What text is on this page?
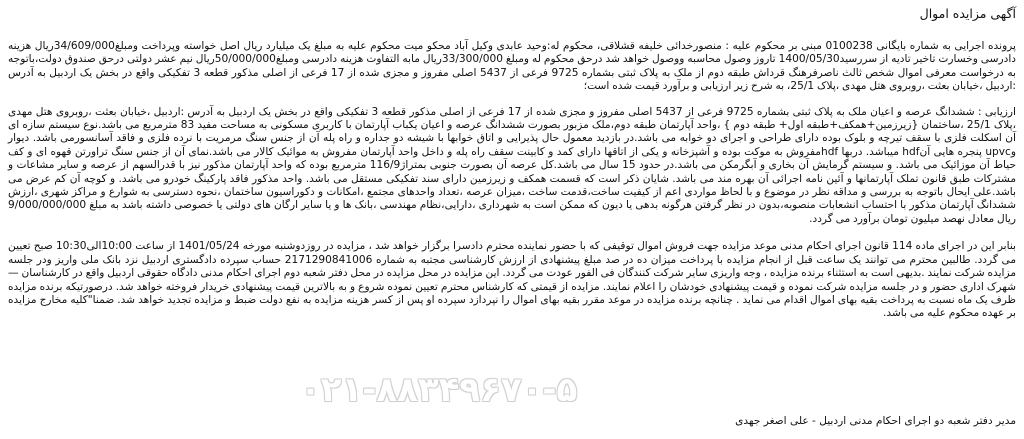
آگهی مزایده اموال

پرونده اجرایی به شماره بایگانی 0100238 مبنی بر محکوم علیه : منصورخدائی خلیفه قشلاقی، محکوم له:وحید عابدی وکیل آباد محکو میت محکوم علیه به مبلغ یک میلیارد ریال اصل خواسته وپرداخت ومبلغ34/609/000ریال هزینه دادرسی وخسارت تاخیر تادیه از سررسید1400/05/30 تاروز وصول محاسبه ووصول خواهد شد درحق محکوم له ومبلغ 33/300/000ریال مابه التفاوت هزینه دادرسی ومبلغ50/000/000ریال نیم عشر دولتی درحق صندوق دولت،باتوجه به درخواست معرفی اموال شخص ثالث ناصرفرهنگ قرداش طبقه دوم از ملک به پلاک ثبتی بشماره 9725 فرعی از 5437 اصلی مفروز و مجزی شده از 17 فرعی از اصلی مذکور قطعه 3 تفکیکی واقع در بخش یک اردبیل به آدرس :اردبیل ،خیابان بعثت ،روبروی هتل مهدی ،پلاک 25/1، به شرح زیر ارزیابی و برآورد قیمت شده است؛

ارزیابی : ششدانگ عرصه و اعیان ملک به پلاک ثبتی بشماره 9725 فرعی از 5437 اصلی مفروز و مجزی شده از 17 فرعی از اصلی مذکور قطعه 3 تفکیکی واقع در بخش یک اردبیل به آدرس :اردبیل ،خیابان بعثت ،روبروی هتل مهدی ،پلاک 25/1 ،ساختمان {زیرزمین+همکف+طبقه اول+ طبقه دوم } ،واحد آپارتمان طبقه دوم،ملک مزبور بصورت ششدانگ عرصه و اعیان یکباب آپارتمان با کاربری مسکونی به مساحت مفید 83 مترمربع می باشد.نوع سیستم سازه ای آن اسکلت فلزی با سقف تیرچه و بلوک بوده دارای طراحی و اجرای دو خوابه می باشد.در بازدید معمول حال پذیرایی و اتاق خوابها با شیشه دو جداره و راه پله آن از جنس سنگ مرمریت با نرده فلزی و فاقد آسانسورمی باشد. دیوار وupvc پنجره هایی آنhdf میباشد. دربها hdfمفروش به موکت بوده و آشپزخانه و یکی از اتاقها دارای کمد و کابینت سقف راه پله و داخل واحد آپارتمان مفروش به موائیک کالار می باشد.نمای آن از جنس سنگ تراورتن قهوه ای و کف حیاط آن موزائیک می باشد. و سیستم گرمایش آن بخاری و آبگرمکن می باشد.در حدود 15 سال می باشد.کل عرصه آن بصورت جنوبی بمتراژ116/9 مترمربع بوده که واحد آپارتمان مذکور نیز با قدرالسهم از عرصه و سایر مشاعات و مشترکات طبق قانون تملک آپارتمانها و آئین نامه اجرائی آن بهره مند می باشد. شایان ذکر است که قسمت همکف و زیرزمین دارای سند تفکیکی مستقل می باشد. واحد مذکور فاقد پارکینگ خودرو می باشد. و کوچه آن کم عرض می باشد.علی ایحال باتوجه به بررسی و مداقه نظر در موضوع و با لحاظ مواردی اعم از کیفیت ساخت،قدمت ساخت ،میزان عرصه ،تعداد واحدهای مجتمع ،امکانات و دکوراسیون ساختمان ،نحوه دسترسی به شوارع و مراکز شهری ،ارزش ششدانگ آپارتمان مذکور با احتساب انشعابات منصوبه،بدون در نظر گرفتن هرگونه بدهی یا دیون که ممکن است به شهرداری ،دارایی،نظام مهندسی ،بانک ها و یا سایر ارگان های دولتی یا خصوصی داشته باشد به مبلغ 9/000/000/000 ریال معادل نهصد میلیون تومان برآورد می گردد.

بنابر این در اجرای ماده 114 قانون اجرای احکام مدنی موعد مزایده جهت فروش اموال توقیفی که با حضور نماینده محترم دادسرا برگزار خواهد شد ، مزایده در روزدوشنبه مورخه 1401/05/24 از ساعت 10:00الی10:30 صبح تعیین می گردد. طالبین محترم می توانند یک ساعت قبل از انجام مزایده با پرداخت میزان ده در صد مبلغ پیشنهادی از ارزش کارشناسی مجتبه به شماره 2171290841006 حساب سپرده دادگستری اردبیل نزد بانک ملی واریز ودر جلسه مزایده شرکت نمایند .بدیهی است به استثناء برنده مزایده ، وجه واریزی سایر شرکت کنندگان فی الفور عودت می گردد. این مزایده در محل مزایده در محل دفتر شعبه دوم اجرای احکام مدنی دادگاه حقوقی اردبیل واقع در کارشناسان — شهرک اداری حضور و در جلسه مزایده شرکت نموده و قیمت پیشنهادی خودشان را اعلام نمایند. مزایده از قیمتی که کارشناس محترم تعیین نموده شروع و به بالاترین قیمت پیشنهادی خریدار فروخته خواهد شد. درصورتیکه برنده مزایده ظرف یک ماه نسبت به پرداخت بقیه بهای اموال اقدام می نماید . چنانچه برنده مزایده در موعد مقرر بقیه بهای اموال را نپردازد سپرده او پس از کسر هزینه مزایده به نفع دولت ضبط و مزایده تجدید خواهد شد. ضمنا"کلیه مخارج مزایده بر عهده محکوم علیه می باشد.

۰۲۱-۸۸۳۴۹۶۷۰-۵

مدیر دفتر شعبه دو اجرای احکام مدنی اردبیل - علی اصغر جهدی
